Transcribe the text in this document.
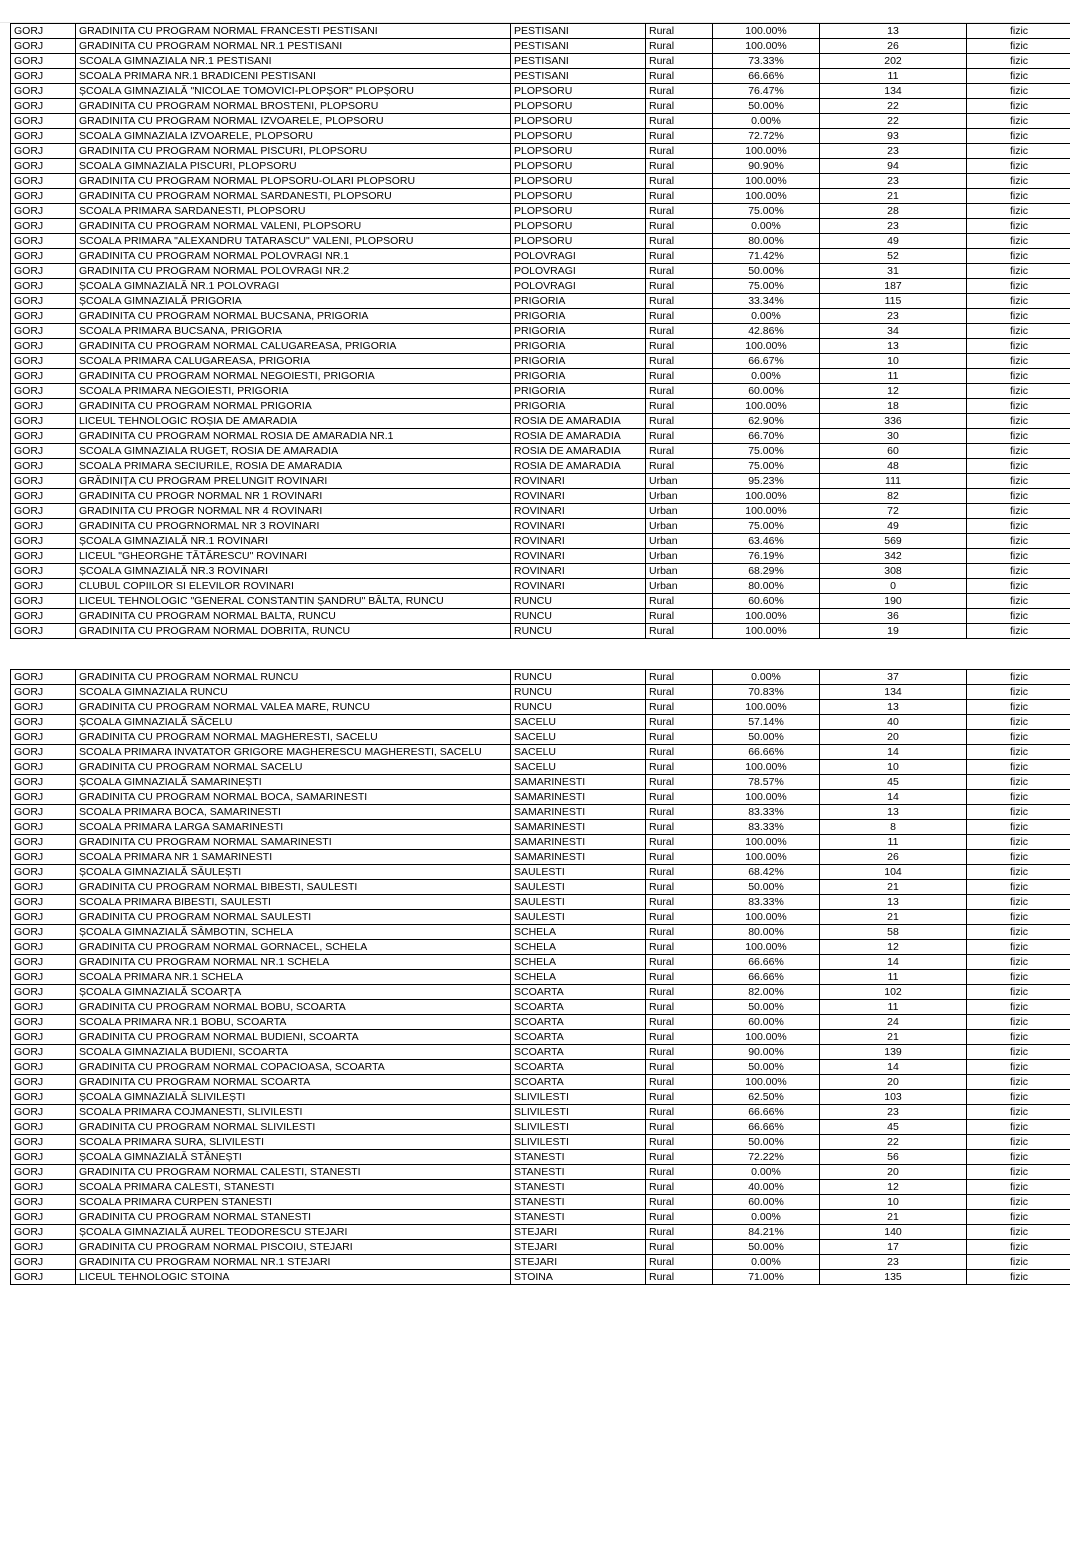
GORJ	GRADINITA CU PROGRAM NORMAL FRANCESTI PESTISANI	PESTISANI	Rural	100.00%	13	fizic
GORJ	GRADINITA CU PROGRAM NORMAL NR.1 PESTISANI	PESTISANI	Rural	100.00%	26	fizic
GORJ	SCOALA GIMNAZIALA NR.1 PESTISANI	PESTISANI	Rural	73.33%	202	fizic
GORJ	SCOALA PRIMARA NR.1 BRADICENI PESTISANI	PESTISANI	Rural	66.66%	11	fizic
GORJ	ȘCOALA GIMNAZIALĂ "NICOLAE TOMOVICI-PLOPȘOR" PLOPȘORU	PLOPSORU	Rural	76.47%	134	fizic
GORJ	GRADINITA CU PROGRAM NORMAL BROSTENI, PLOPSORU	PLOPSORU	Rural	50.00%	22	fizic
GORJ	GRADINITA CU PROGRAM NORMAL IZVOARELE, PLOPSORU	PLOPSORU	Rural	0.00%	22	fizic
GORJ	SCOALA GIMNAZIALA IZVOARELE, PLOPSORU	PLOPSORU	Rural	72.72%	93	fizic
GORJ	GRADINITA CU PROGRAM NORMAL PISCURI, PLOPSORU	PLOPSORU	Rural	100.00%	23	fizic
GORJ	SCOALA GIMNAZIALA PISCURI, PLOPSORU	PLOPSORU	Rural	90.90%	94	fizic
GORJ	GRADINITA CU PROGRAM NORMAL PLOPSORU-OLARI PLOPSORU	PLOPSORU	Rural	100.00%	23	fizic
GORJ	GRADINITA CU PROGRAM NORMAL SARDANESTI, PLOPSORU	PLOPSORU	Rural	100.00%	21	fizic
GORJ	SCOALA PRIMARA SARDANESTI, PLOPSORU	PLOPSORU	Rural	75.00%	28	fizic
GORJ	GRADINITA CU PROGRAM NORMAL VALENI, PLOPSORU	PLOPSORU	Rural	0.00%	23	fizic
GORJ	SCOALA PRIMARA "ALEXANDRU TATARASCU" VALENI, PLOPSORU	PLOPSORU	Rural	80.00%	49	fizic
GORJ	GRADINITA CU PROGRAM NORMAL POLOVRAGI NR.1	POLOVRAGI	Rural	71.42%	52	fizic
GORJ	GRADINITA CU PROGRAM NORMAL POLOVRAGI NR.2	POLOVRAGI	Rural	50.00%	31	fizic
GORJ	ȘCOALA GIMNAZIALĂ NR.1 POLOVRAGI	POLOVRAGI	Rural	75.00%	187	fizic
GORJ	ȘCOALA GIMNAZIALĂ PRIGORIA	PRIGORIA	Rural	33.34%	115	fizic
GORJ	GRADINITA CU PROGRAM NORMAL BUCSANA, PRIGORIA	PRIGORIA	Rural	0.00%	23	fizic
GORJ	SCOALA PRIMARA BUCSANA, PRIGORIA	PRIGORIA	Rural	42.86%	34	fizic
GORJ	GRADINITA CU PROGRAM NORMAL CALUGAREASA, PRIGORIA	PRIGORIA	Rural	100.00%	13	fizic
GORJ	SCOALA PRIMARA CALUGAREASA, PRIGORIA	PRIGORIA	Rural	66.67%	10	fizic
GORJ	GRADINITA CU PROGRAM NORMAL NEGOIESTI, PRIGORIA	PRIGORIA	Rural	0.00%	11	fizic
GORJ	SCOALA PRIMARA NEGOIESTI, PRIGORIA	PRIGORIA	Rural	60.00%	12	fizic
GORJ	GRADINITA CU PROGRAM NORMAL PRIGORIA	PRIGORIA	Rural	100.00%	18	fizic
GORJ	LICEUL TEHNOLOGIC ROȘIA DE AMARADIA	ROSIA DE AMARADIA	Rural	62.90%	336	fizic
GORJ	GRADINITA CU PROGRAM NORMAL ROSIA DE AMARADIA NR.1	ROSIA DE AMARADIA	Rural	66.70%	30	fizic
GORJ	SCOALA GIMNAZIALA RUGET, ROSIA DE AMARADIA	ROSIA DE AMARADIA	Rural	75.00%	60	fizic
GORJ	SCOALA PRIMARA SECIURILE, ROSIA DE AMARADIA	ROSIA DE AMARADIA	Rural	75.00%	48	fizic
GORJ	GRĂDINIȚA CU PROGRAM PRELUNGIT ROVINARI	ROVINARI	Urban	95.23%	111	fizic
GORJ	GRADINITA CU PROGR NORMAL NR 1 ROVINARI	ROVINARI	Urban	100.00%	82	fizic
GORJ	GRADINITA CU PROGR NORMAL NR 4 ROVINARI	ROVINARI	Urban	100.00%	72	fizic
GORJ	GRADINITA CU PROGRNORMAL NR 3 ROVINARI	ROVINARI	Urban	75.00%	49	fizic
GORJ	ȘCOALA GIMNAZIALĂ NR.1 ROVINARI	ROVINARI	Urban	63.46%	569	fizic
GORJ	LICEUL "GHEORGHE TĂTĂRESCU" ROVINARI	ROVINARI	Urban	76.19%	342	fizic
GORJ	ȘCOALA GIMNAZIALĂ NR.3 ROVINARI	ROVINARI	Urban	68.29%	308	fizic
GORJ	CLUBUL COPIILOR SI ELEVILOR ROVINARI	ROVINARI	Urban	80.00%	0	fizic
GORJ	LICEUL TEHNOLOGIC "GENERAL CONSTANTIN ȘANDRU" BÂLTA, RUNCU	RUNCU	Rural	60.60%	190	fizic
GORJ	GRADINITA CU PROGRAM NORMAL BALTA, RUNCU	RUNCU	Rural	100.00%	36	fizic
GORJ	GRADINITA CU PROGRAM NORMAL DOBRITA, RUNCU	RUNCU	Rural	100.00%	19	fizic
GORJ	GRADINITA CU PROGRAM NORMAL RUNCU	RUNCU	Rural	0.00%	37	fizic
GORJ	SCOALA GIMNAZIALA RUNCU	RUNCU	Rural	70.83%	134	fizic
GORJ	GRADINITA CU PROGRAM NORMAL VALEA MARE, RUNCU	RUNCU	Rural	100.00%	13	fizic
GORJ	ȘCOALA GIMNAZIALĂ SĂCELU	SACELU	Rural	57.14%	40	fizic
GORJ	GRADINITA CU PROGRAM NORMAL MAGHERESTI, SACELU	SACELU	Rural	50.00%	20	fizic
GORJ	SCOALA PRIMARA INVATATOR GRIGORE MAGHERESCU MAGHERESTI, SACELU	SACELU	Rural	66.66%	14	fizic
GORJ	GRADINITA CU PROGRAM NORMAL SACELU	SACELU	Rural	100.00%	10	fizic
GORJ	ȘCOALA GIMNAZIALĂ SAMARINEȘTI	SAMARINESTI	Rural	78.57%	45	fizic
GORJ	GRADINITA CU PROGRAM NORMAL BOCA, SAMARINESTI	SAMARINESTI	Rural	100.00%	14	fizic
GORJ	SCOALA PRIMARA BOCA, SAMARINESTI	SAMARINESTI	Rural	83.33%	13	fizic
GORJ	SCOALA PRIMARA LARGA SAMARINESTI	SAMARINESTI	Rural	83.33%	8	fizic
GORJ	GRADINITA CU PROGRAM NORMAL SAMARINESTI	SAMARINESTI	Rural	100.00%	11	fizic
GORJ	SCOALA PRIMARA NR 1 SAMARINESTI	SAMARINESTI	Rural	100.00%	26	fizic
GORJ	ȘCOALA GIMNAZIALĂ SĂULEȘTI	SAULESTI	Rural	68.42%	104	fizic
GORJ	GRADINITA CU PROGRAM NORMAL BIBESTI, SAULESTI	SAULESTI	Rural	50.00%	21	fizic
GORJ	SCOALA PRIMARA BIBESTI, SAULESTI	SAULESTI	Rural	83.33%	13	fizic
GORJ	GRADINITA CU PROGRAM NORMAL SAULESTI	SAULESTI	Rural	100.00%	21	fizic
GORJ	ȘCOALA GIMNAZIALĂ SÂMBOTIN, SCHELA	SCHELA	Rural	80.00%	58	fizic
GORJ	GRADINITA CU PROGRAM NORMAL GORNACEL, SCHELA	SCHELA	Rural	100.00%	12	fizic
GORJ	GRADINITA CU PROGRAM NORMAL NR.1 SCHELA	SCHELA	Rural	66.66%	14	fizic
GORJ	SCOALA PRIMARA NR.1 SCHELA	SCHELA	Rural	66.66%	11	fizic
GORJ	ȘCOALA GIMNAZIALĂ SCOARȚA	SCOARTA	Rural	82.00%	102	fizic
GORJ	GRADINITA CU PROGRAM NORMAL BOBU, SCOARTA	SCOARTA	Rural	50.00%	11	fizic
GORJ	SCOALA PRIMARA NR.1 BOBU, SCOARTA	SCOARTA	Rural	60.00%	24	fizic
GORJ	GRADINITA CU PROGRAM NORMAL BUDIENI, SCOARTA	SCOARTA	Rural	100.00%	21	fizic
GORJ	SCOALA GIMNAZIALA BUDIENI, SCOARTA	SCOARTA	Rural	90.00%	139	fizic
GORJ	GRADINITA CU PROGRAM NORMAL COPACIOASA, SCOARTA	SCOARTA	Rural	50.00%	14	fizic
GORJ	GRADINITA CU PROGRAM NORMAL SCOARTA	SCOARTA	Rural	100.00%	20	fizic
GORJ	ȘCOALA GIMNAZIALĂ SLIVILEȘTI	SLIVILESTI	Rural	62.50%	103	fizic
GORJ	SCOALA PRIMARA COJMANESTI, SLIVILESTI	SLIVILESTI	Rural	66.66%	23	fizic
GORJ	GRADINITA CU PROGRAM NORMAL SLIVILESTI	SLIVILESTI	Rural	66.66%	45	fizic
GORJ	SCOALA PRIMARA SURA, SLIVILESTI	SLIVILESTI	Rural	50.00%	22	fizic
GORJ	ȘCOALA GIMNAZIALĂ STĂNEȘTI	STANESTI	Rural	72.22%	56	fizic
GORJ	GRADINITA CU PROGRAM NORMAL CALESTI, STANESTI	STANESTI	Rural	0.00%	20	fizic
GORJ	SCOALA PRIMARA CALESTI, STANESTI	STANESTI	Rural	40.00%	12	fizic
GORJ	SCOALA PRIMARA CURPEN STANESTI	STANESTI	Rural	60.00%	10	fizic
GORJ	GRADINITA CU PROGRAM NORMAL STANESTI	STANESTI	Rural	0.00%	21	fizic
GORJ	ȘCOALA GIMNAZIALĂ AUREL TEODORESCU STEJARI	STEJARI	Rural	84.21%	140	fizic
GORJ	GRADINITA CU PROGRAM NORMAL PISCOIU, STEJARI	STEJARI	Rural	50.00%	17	fizic
GORJ	GRADINITA CU PROGRAM NORMAL NR.1 STEJARI	STEJARI	Rural	0.00%	23	fizic
GORJ	LICEUL TEHNOLOGIC STOINA	STOINA	Rural	71.00%	135	fizic
